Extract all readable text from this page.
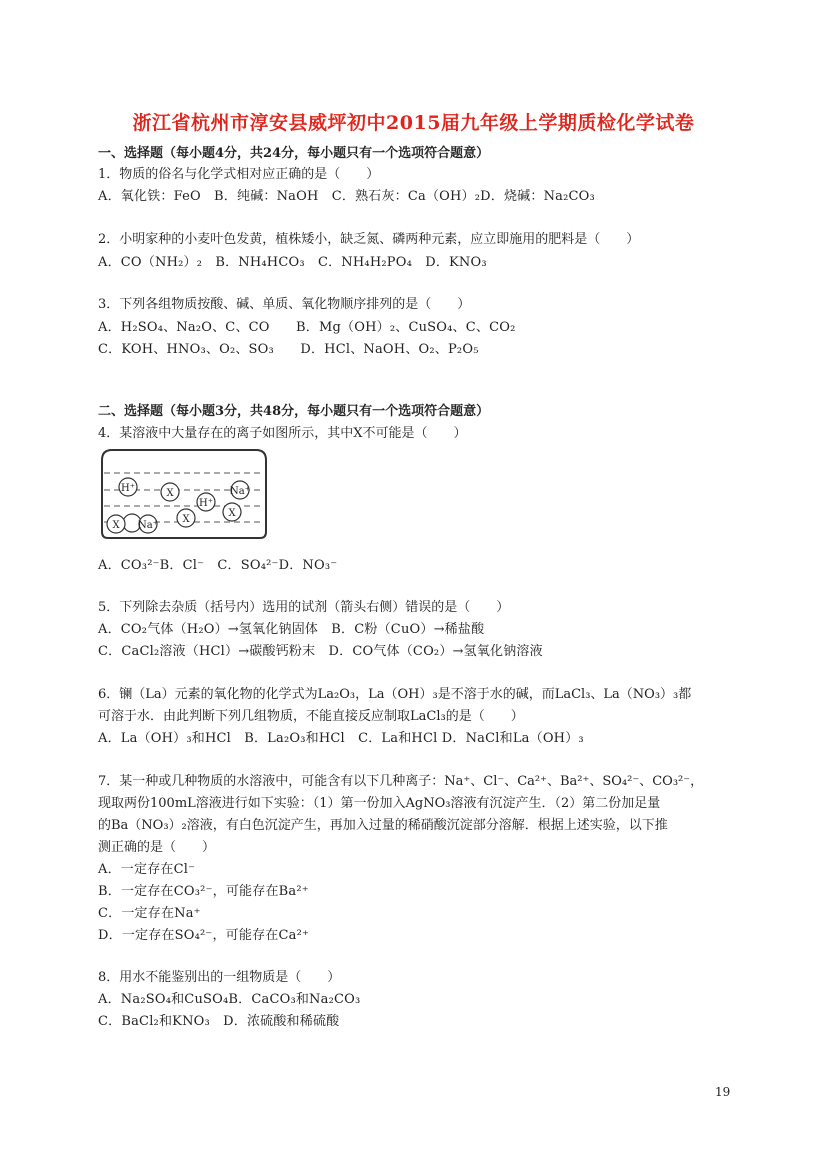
浙江省杭州市淳安县威坪初中2015届九年级上学期质检化学试卷
一、选择题（每小题4分，共24分，每小题只有一个选项符合题意）
1．物质的俗名与化学式相对应正确的是（　　）
A．氧化铁：FeO　B．纯碱：NaOH　C．熟石灰：Ca（OH）₂D．烧碱：Na₂CO₃
2．小明家种的小麦叶色发黄，植株矮小，缺乏氮、磷两种元素，应立即施用的肥料是（　　）
A．CO（NH₂）₂　B．NH₄HCO₃　C．NH₄H₂PO₄　D．KNO₃
3．下列各组物质按酸、碱、单质、氧化物顺序排列的是（　　）
A．H₂SO₄、Na₂O、C、CO　　B．Mg（OH）₂、CuSO₄、C、CO₂
C．KOH、HNO₃、O₂、SO₃　　D．HCl、NaOH、O₂、P₂O₅
二、选择题（每小题3分，共48分，每小题只有一个选项符合题意）
4．某溶液中大量存在的离子如图所示，其中X不可能是（　　）
H⁺	X	Na⁺
X
H⁺
X
X Na⁺
A．CO₃²⁻B．Cl⁻　C．SO₄²⁻D．NO₃⁻
5．下列除去杂质（括号内）选用的试剂（箭头右侧）错误的是（　　）
A．CO₂气体（H₂O）→氢氧化钠固体　B．C粉（CuO）→稀盐酸
C．CaCl₂溶液（HCl）→碳酸钙粉末　D．CO气体（CO₂）→氢氧化钠溶液
6．镧（La）元素的氧化物的化学式为La₂O₃，La（OH）₃是不溶于水的碱，而LaCl₃、La（NO₃）₃都
可溶于水．由此判断下列几组物质，不能直接反应制取LaCl₃的是（　　）
A．La（OH）₃和HCl　B．La₂O₃和HCl　C．La和HCl D．NaCl和La（OH）₃
7．某一种或几种物质的水溶液中，可能含有以下几种离子：Na⁺、Cl⁻、Ca²⁺、Ba²⁺、SO₄²⁻、CO₃²⁻，
现取两份100mL溶液进行如下实验：（1）第一份加入AgNO₃溶液有沉淀产生．（2）第二份加足量
的Ba（NO₃）₂溶液，有白色沉淀产生，再加入过量的稀硝酸沉淀部分溶解．根据上述实验，以下推
测正确的是（　　）
A．一定存在Cl⁻
B．一定存在CO₃²⁻，可能存在Ba²⁺
C．一定存在Na⁺
D．一定存在SO₄²⁻，可能存在Ca²⁺
8．用水不能鉴别出的一组物质是（　　）
A．Na₂SO₄和CuSO₄B．CaCO₃和Na₂CO₃
C．BaCl₂和KNO₃　D．浓硫酸和稀硫酸
19
